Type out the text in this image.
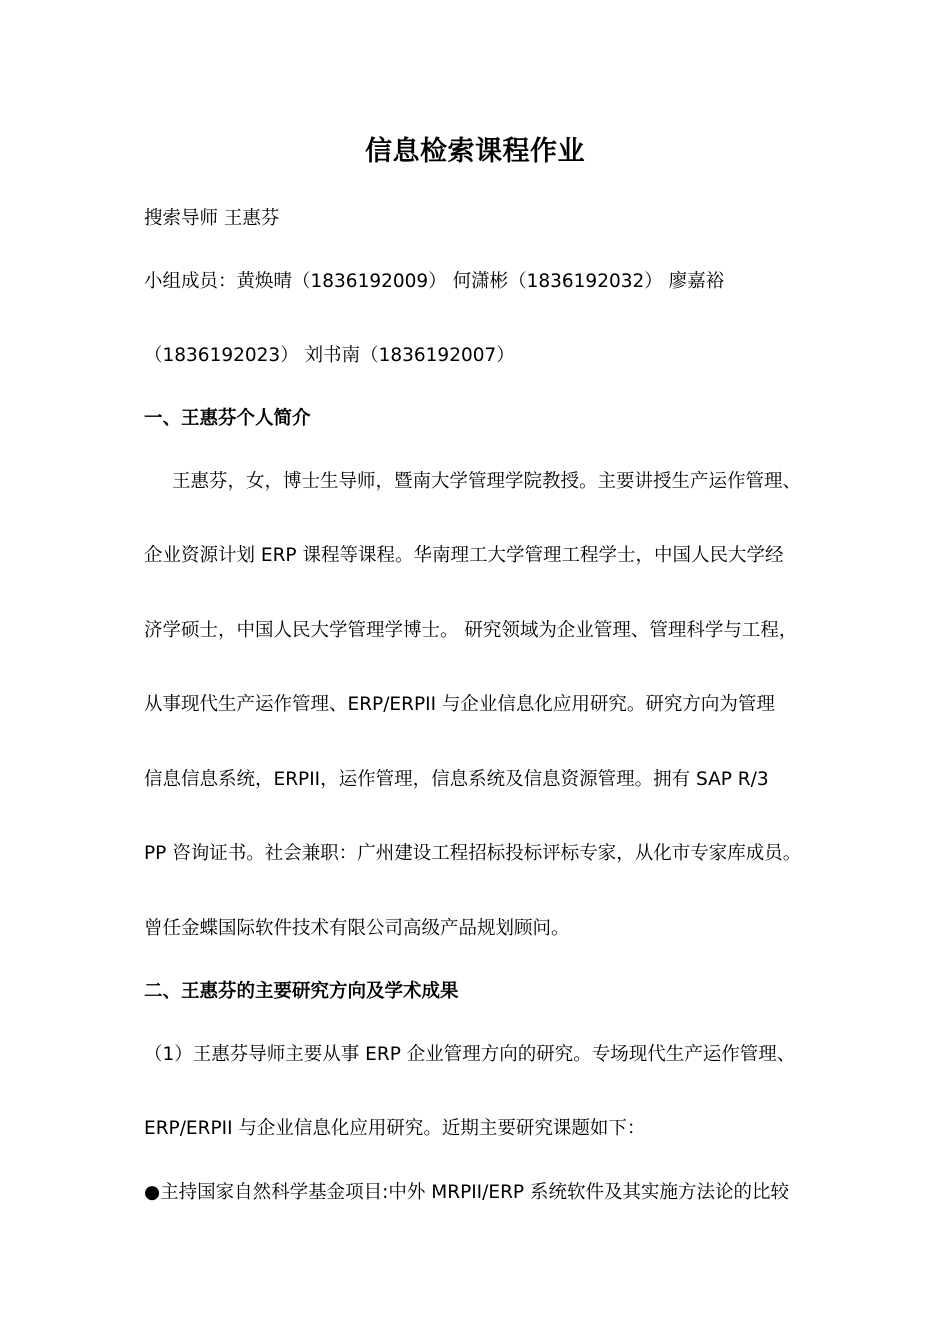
信息检索课程作业
搜索导师 王惠芬
小组成员：黄焕晴（1836192009） 何潇彬（1836192032） 廖嘉裕
（1836192023） 刘书南（1836192007）
一、王惠芬个人简介
王惠芬，女，博士生导师，暨南大学管理学院教授。主要讲授生产运作管理、
企业资源计划 ERP 课程等课程。华南理工大学管理工程学士，中国人民大学经
济学硕士，中国人民大学管理学博士。 研究领域为企业管理、管理科学与工程，
从事现代生产运作管理、ERP/ERPII 与企业信息化应用研究。研究方向为管理
信息信息系统，ERPII，运作管理，信息系统及信息资源管理。拥有 SAP R/3
PP 咨询证书。社会兼职：广州建设工程招标投标评标专家，从化市专家库成员。
曾任金蝶国际软件技术有限公司高级产品规划顾问。
二、王惠芬的主要研究方向及学术成果
（1）王惠芬导师主要从事 ERP 企业管理方向的研究。专场现代生产运作管理、
ERP/ERPII 与企业信息化应用研究。近期主要研究课题如下：
●主持国家自然科学基金项目:中外 MRPII/ERP 系统软件及其实施方法论的比较
